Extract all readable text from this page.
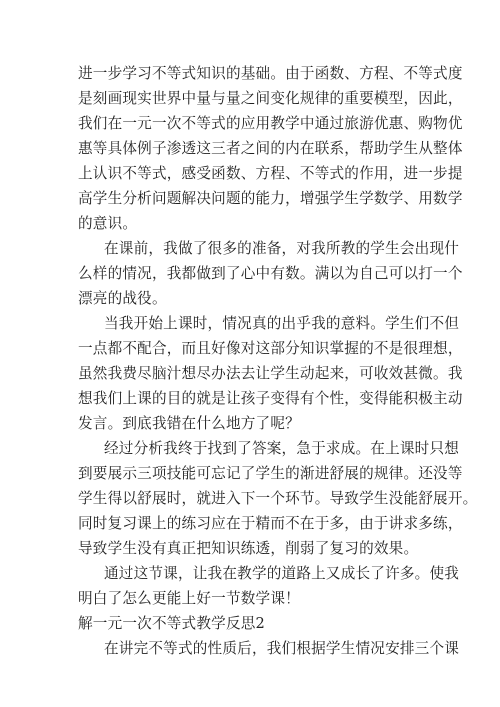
进一步学习不等式知识的基础。由于函数、方程、不等式度
是刻画现实世界中量与量之间变化规律的重要模型，因此，
我们在一元一次不等式的应用教学中通过旅游优惠、购物优
惠等具体例子渗透这三者之间的内在联系，帮助学生从整体
上认识不等式，感受函数、方程、不等式的作用，进一步提
高学生分析问题解决问题的能力，增强学生学数学、用数学
的意识。
在课前，我做了很多的准备，对我所教的学生会出现什
么样的情况，我都做到了心中有数。满以为自己可以打一个
漂亮的战役。
当我开始上课时，情况真的出乎我的意料。学生们不但
一点都不配合，而且好像对这部分知识掌握的不是很理想，
虽然我费尽脑汁想尽办法去让学生动起来，可收效甚微。我
想我们上课的目的就是让孩子变得有个性，变得能积极主动
发言。到底我错在什么地方了呢？
经过分析我终于找到了答案，急于求成。在上课时只想
到要展示三项技能可忘记了学生的渐进舒展的规律。还没等
学生得以舒展时，就进入下一个环节。导致学生没能舒展开。
同时复习课上的练习应在于精而不在于多，由于讲求多练，
导致学生没有真正把知识练透，削弱了复习的效果。
通过这节课，让我在教学的道路上又成长了许多。使我
明白了怎么更能上好一节数学课！
解一元一次不等式教学反思2
在讲完不等式的性质后，我们根据学生情况安排三个课
